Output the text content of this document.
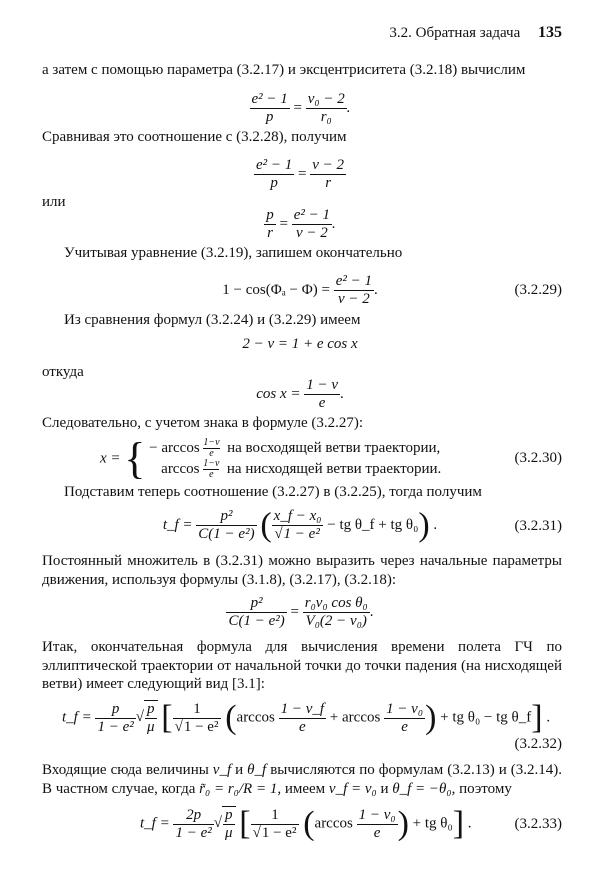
3.2. Обратная задача 135
а затем с помощью параметра (3.2.17) и эксцентриситета (3.2.18) вычислим
$\frac{\text{e² − 1}}{p} = \frac{\text{ν₀ − 2}}{\text{r₀}}$ .
Сравнивая это соотношение с (3.2.28), получим
$\frac{\text{e² − 1}}{p} = \frac{\nu - 2}{r}$
или
$\frac{p}{r} = \frac{\text{e² − 1}}{\nu - 2}$ .
Учитывая уравнение (3.2.19), запишем окончательно
$1 - \cos(\Phi_a - \Phi) = \frac{\text{e² − 1}}{\nu - 2}$ .	(3.2.29)
Из сравнения формул (3.2.24) и (3.2.29) имеем
2 − ν = 1 + e cos x
откуда
$\cos x = \frac{1 - \nu}{e}$ .
Следовательно, с учетом знака в формуле (3.2.27):
x = { − $\arccos \frac{1-\nu}{e}$ на восходящей ветви траектории,
$\arccos \frac{1-\nu}{e}$ на нисходящей ветви траектории.
(3.2.30)
Подставим теперь соотношение (3.2.27) в (3.2.25), тогда получим
t_f = $\frac{\text{p²}}{\text{C(1 − e²)}}$ ( $\frac{\text{x\_f − x₀}}{\text{√1 − e²}}$ − tg θ_f + tg θ₀) .	(3.2.31)
Постоянный множитель в (3.2.31) можно выразить через начальные параметры движения, используя формулы (3.1.8), (3.2.17), (3.2.18):
$\frac{\text{p²}}{\text{C(1 − e²)}} = \frac{\text{r₀ν₀ cos θ₀}}{\text{V₀(2 − ν₀)}}$ .
Итак, окончательная формула для вычисления времени полета ГЧ по эллиптической траектории от начальной точки до точки падения (на нисходящей ветви) имеет следующий вид [3.1]:
t_f = $\frac{p}{\text{1 − e²}}$ √ $\frac{p}{\mu}$ [ $\frac{1}{\text{√1 − e²}} (\arccos \frac{1 - \nu\_f}{e} + \arccos \frac{\text{1 − ν₀}}{e}$ ) + tg θ₀ − tg θ_f] .
(3.2.32)
Входящие сюда величины ν_f и θ_f вычисляются по формулам (3.2.13) и (3.2.14). В частном случае, когда r̃₀ = r₀/R = 1, имеем ν_f = ν₀ и θ_f = −θ₀, поэтому
t_f = $\frac{2p}{\text{1 − e²}}$ √ $\frac{p}{\mu}$ [ $\frac{1}{\text{√1 − e²}} (\arccos \frac{\text{1 − ν₀}}{e}$ ) + tg θ₀] .	(3.2.33)
